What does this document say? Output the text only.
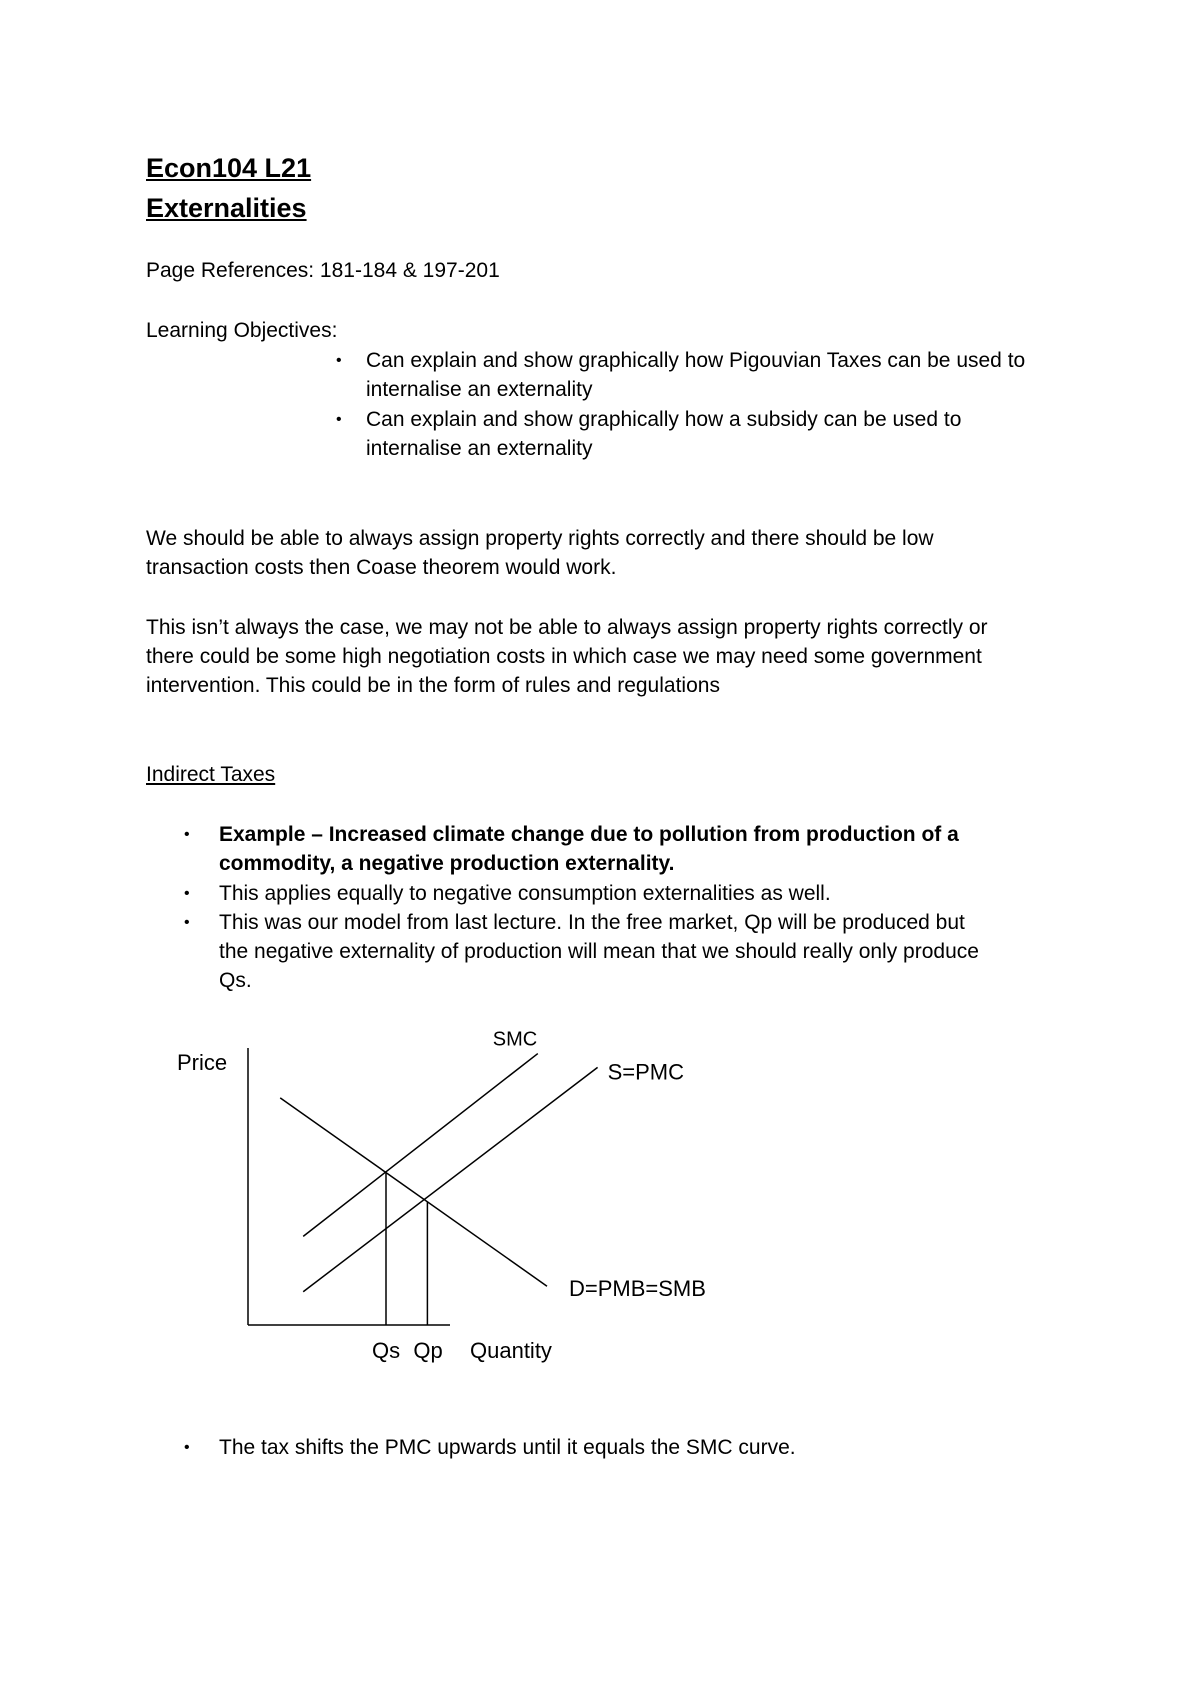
Econ104 L21
Externalities
Page References: 181-184 & 197-201
Learning Objectives:
• Can explain and show graphically how Pigouvian Taxes can be used to
internalise an externality
• Can explain and show graphically how a subsidy can be used to
internalise an externality
We should be able to always assign property rights correctly and there should be low
transaction costs then Coase theorem would work.
This isn’t always the case, we may not be able to always assign property rights correctly or
there could be some high negotiation costs in which case we may need some government
intervention. This could be in the form of rules and regulations
Indirect Taxes
• Example – Increased climate change due to pollution from production of a
commodity, a negative production externality.
• This applies equally to negative consumption externalities as well.
• This was our model from last lecture. In the free market, Qp will be produced but
the negative externality of production will mean that we should really only produce
Qs.
Price
Quantity
SMC
S=PMC
D=PMB=SMB
Qs Qp
• The tax shifts the PMC upwards until it equals the SMC curve.
